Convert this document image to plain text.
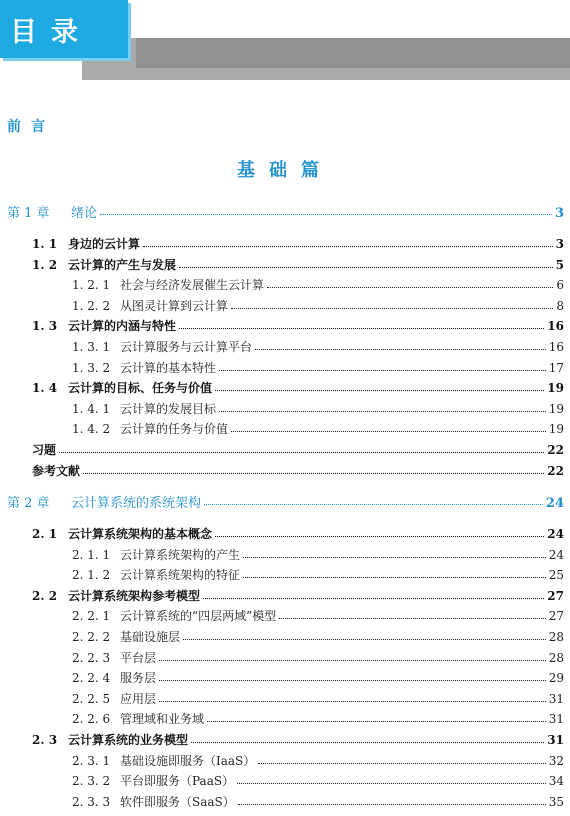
目录
前言
基础篇
第 1 章	绪论	3
1. 1 身边的云计算	3
1. 2 云计算的产生与发展	5
1. 2. 1 社会与经济发展催生云计算	6
1. 2. 2 从图灵计算到云计算	8
1. 3 云计算的内涵与特性	16
1. 3. 1 云计算服务与云计算平台	16
1. 3. 2 云计算的基本特性	17
1. 4 云计算的目标、任务与价值	19
1. 4. 1 云计算的发展目标	19
1. 4. 2 云计算的任务与价值	19
习题	22
参考文献	22
第 2 章	云计算系统的系统架构	24
2. 1 云计算系统架构的基本概念	24
2. 1. 1 云计算系统架构的产生	24
2. 1. 2 云计算系统架构的特征	25
2. 2 云计算系统架构参考模型	27
2. 2. 1 云计算系统的“四层两域”模型	27
2. 2. 2 基础设施层	28
2. 2. 3 平台层	28
2. 2. 4 服务层	29
2. 2. 5 应用层	31
2. 2. 6 管理域和业务域	31
2. 3 云计算系统的业务模型	31
2. 3. 1 基础设施即服务（IaaS）	32
2. 3. 2 平台即服务（PaaS）	34
2. 3. 3 软件即服务（SaaS）	35
